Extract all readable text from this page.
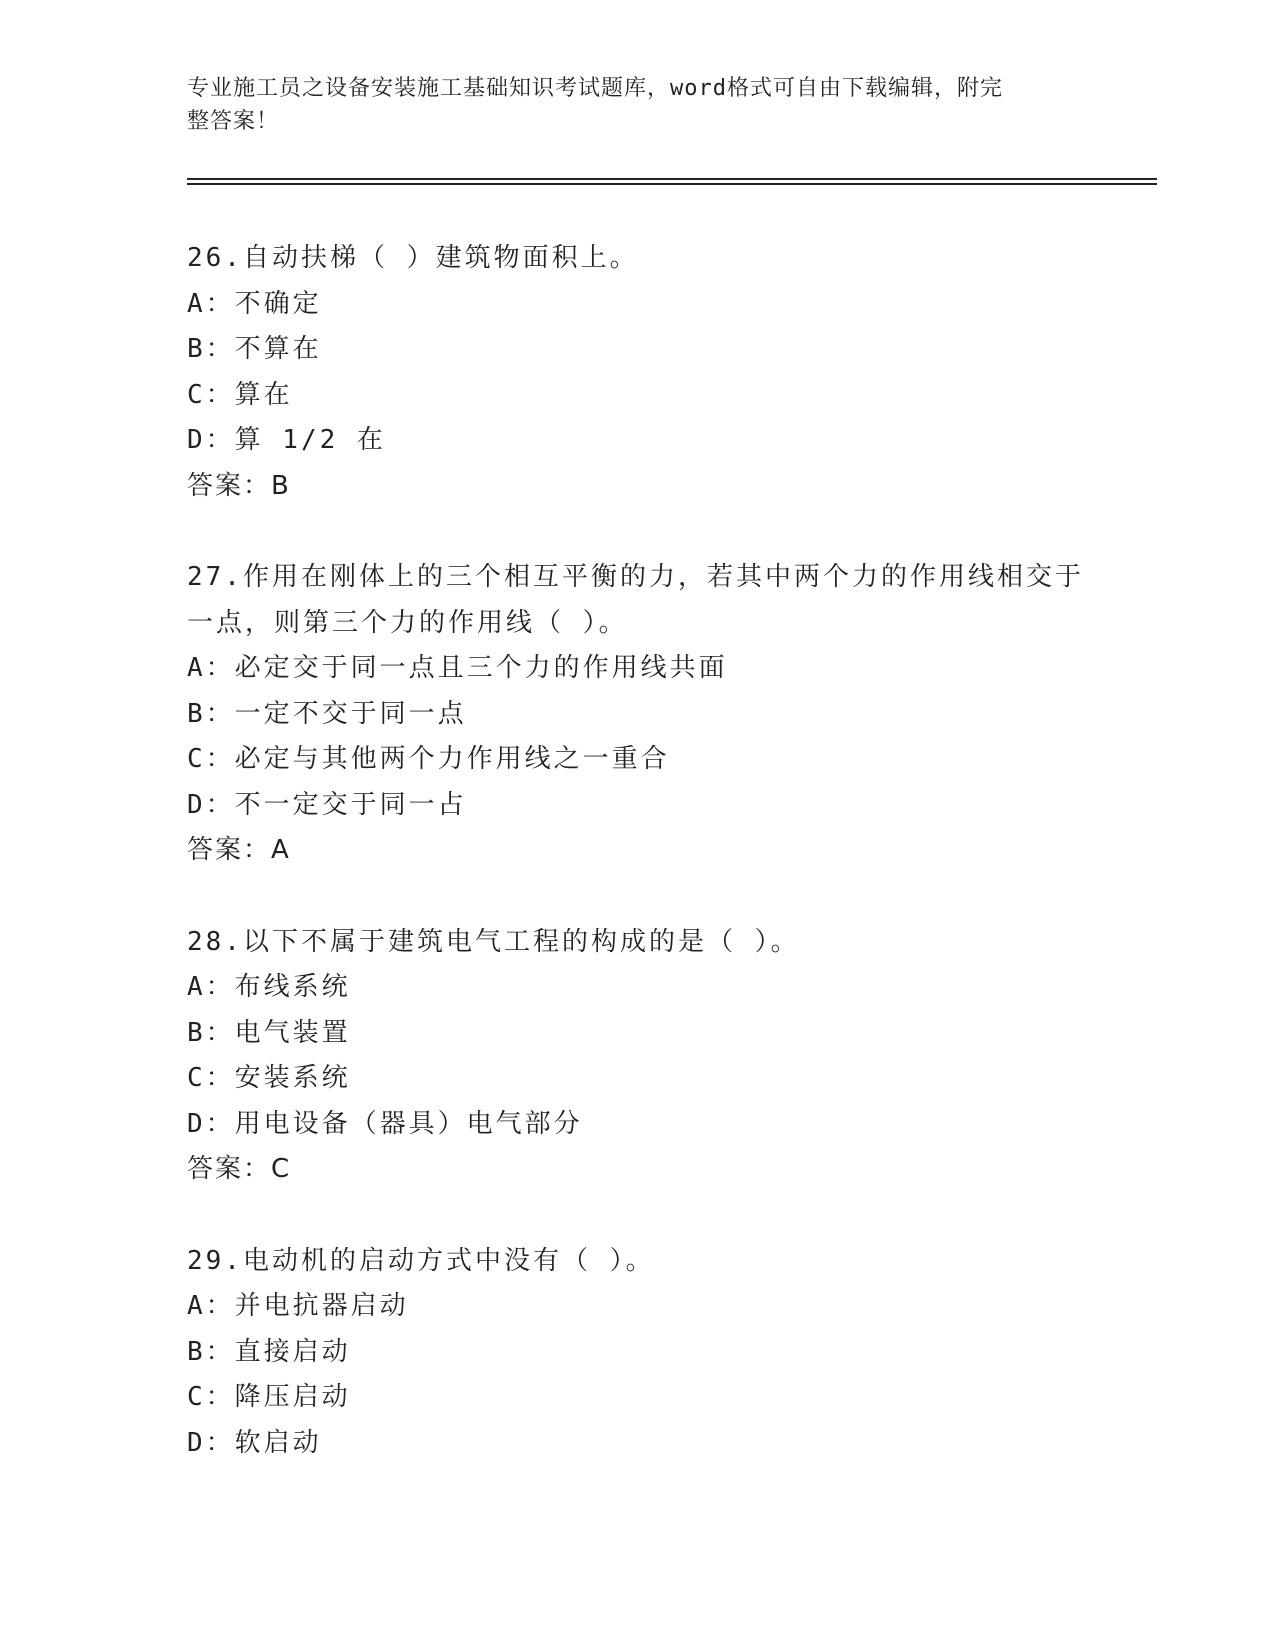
专业施工员之设备安装施工基础知识考试题库，word格式可自由下载编辑，附完
整答案！
26.自动扶梯（ ）建筑物面积上。
A：不确定
B：不算在
C：算在
D：算 1/2 在
答案：B
27.作用在刚体上的三个相互平衡的力，若其中两个力的作用线相交于
一点，则第三个力的作用线（ ）。
A：必定交于同一点且三个力的作用线共面
B：一定不交于同一点
C：必定与其他两个力作用线之一重合
D：不一定交于同一占
答案：A
28.以下不属于建筑电气工程的构成的是（ ）。
A：布线系统
B：电气装置
C：安装系统
D：用电设备（器具）电气部分
答案：C
29.电动机的启动方式中没有（ ）。
A：并电抗器启动
B：直接启动
C：降压启动
D：软启动
